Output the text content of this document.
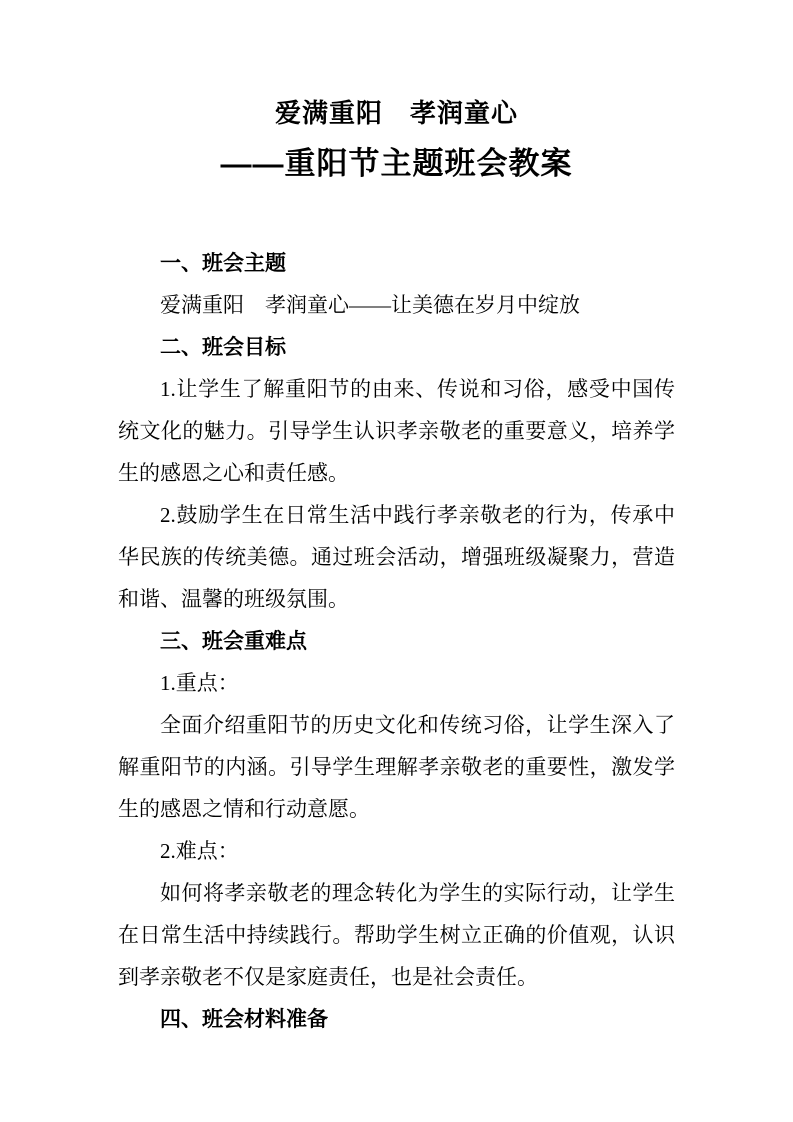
爱满重阳　孝润童心
——重阳节主题班会教案

一、班会主题

爱满重阳　孝润童心——让美德在岁月中绽放

二、班会目标

1.让学生了解重阳节的由来、传说和习俗，感受中国传统文化的魅力。引导学生认识孝亲敬老的重要意义，培养学生的感恩之心和责任感。

2.鼓励学生在日常生活中践行孝亲敬老的行为，传承中华民族的传统美德。通过班会活动，增强班级凝聚力，营造和谐、温馨的班级氛围。

三、班会重难点

1.重点：

全面介绍重阳节的历史文化和传统习俗，让学生深入了解重阳节的内涵。引导学生理解孝亲敬老的重要性，激发学生的感恩之情和行动意愿。

2.难点：

如何将孝亲敬老的理念转化为学生的实际行动，让学生在日常生活中持续践行。帮助学生树立正确的价值观，认识到孝亲敬老不仅是家庭责任，也是社会责任。

四、班会材料准备
